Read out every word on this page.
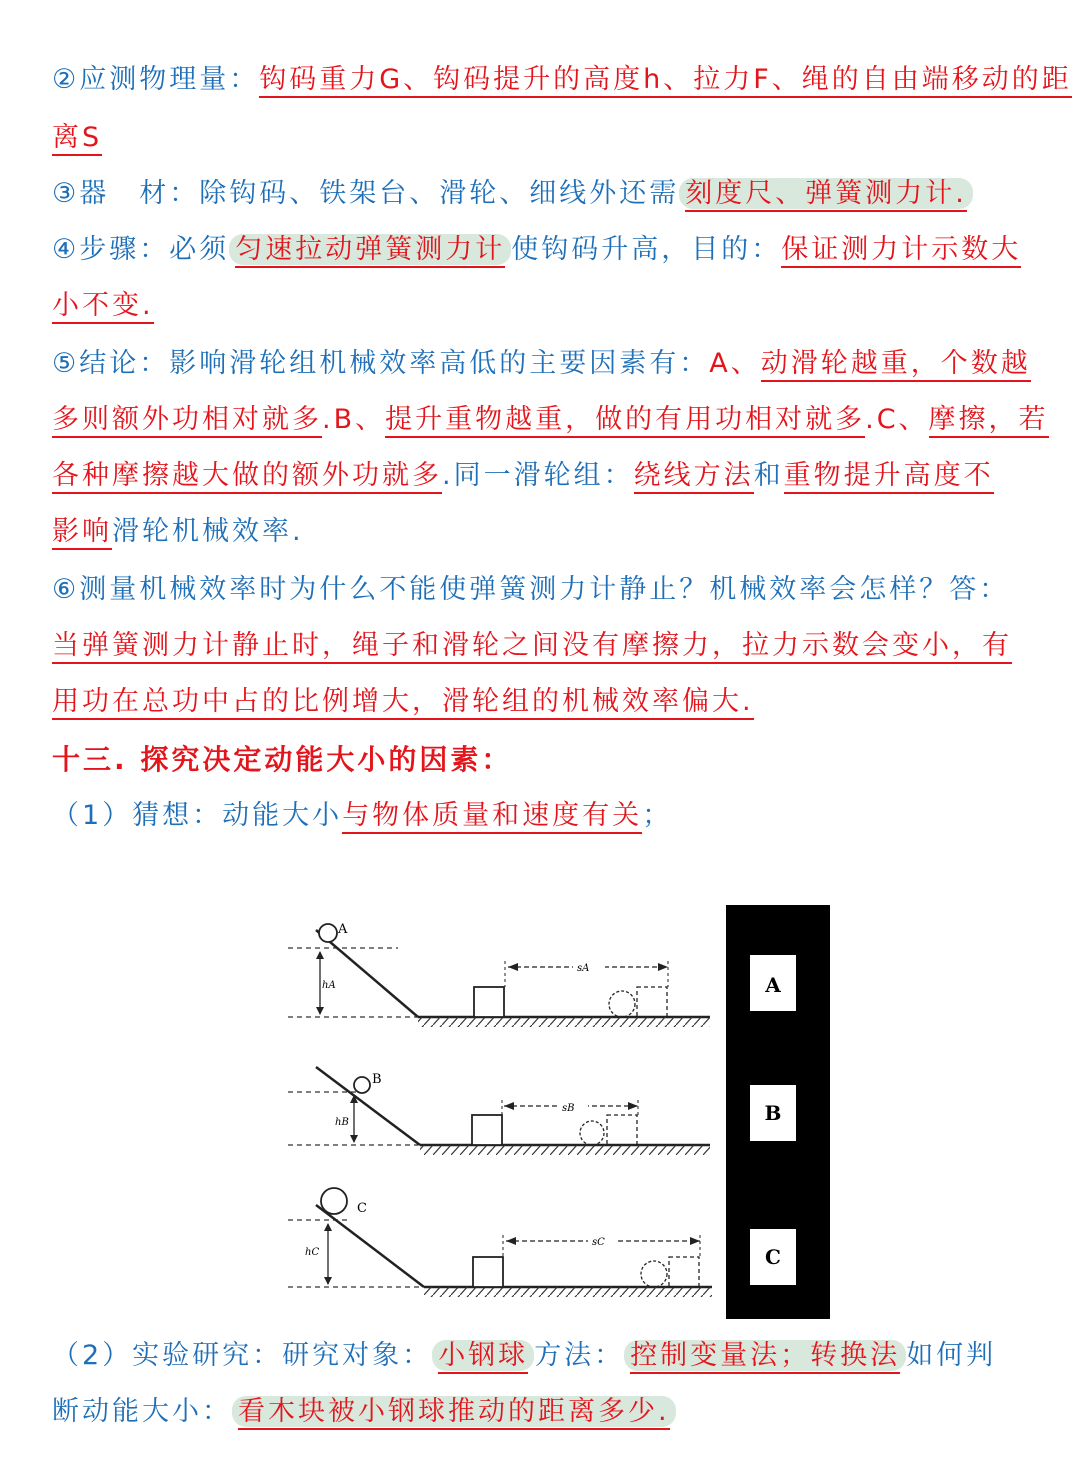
②应测物理量：钩码重力G、钩码提升的高度h、拉力F、绳的自由端移动的距
离S
③器　材：除钩码、铁架台、滑轮、细线外还需 刻度尺、弹簧测力计.
④步骤：必须 匀速拉动弹簧测力计 使钩码升高，目的：保证测力计示数大
小不变.
⑤结论：影响滑轮组机械效率高低的主要因素有：A、动滑轮越重，个数越
多则额外功相对就多.B、提升重物越重，做的有用功相对就多.C、摩擦，若
各种摩擦越大做的额外功就多.同一滑轮组：绕线方法和重物提升高度不
影响滑轮机械效率.
⑥测量机械效率时为什么不能使弹簧测力计静止？机械效率会怎样？答：
当弹簧测力计静止时，绳子和滑轮之间没有摩擦力，拉力示数会变小，有
用功在总功中占的比例增大，滑轮组的机械效率偏大.
十三. 探究决定动能大小的因素：
（1）猜想：动能大小与物体质量和速度有关；
A
hA
sA
B
hB
sB
C
hC
sC
A
B
C
（2）实验研究：研究对象： 小钢球 方法： 控制变量法；转换法 如何判
断动能大小： 看木块被小钢球推动的距离多少.
